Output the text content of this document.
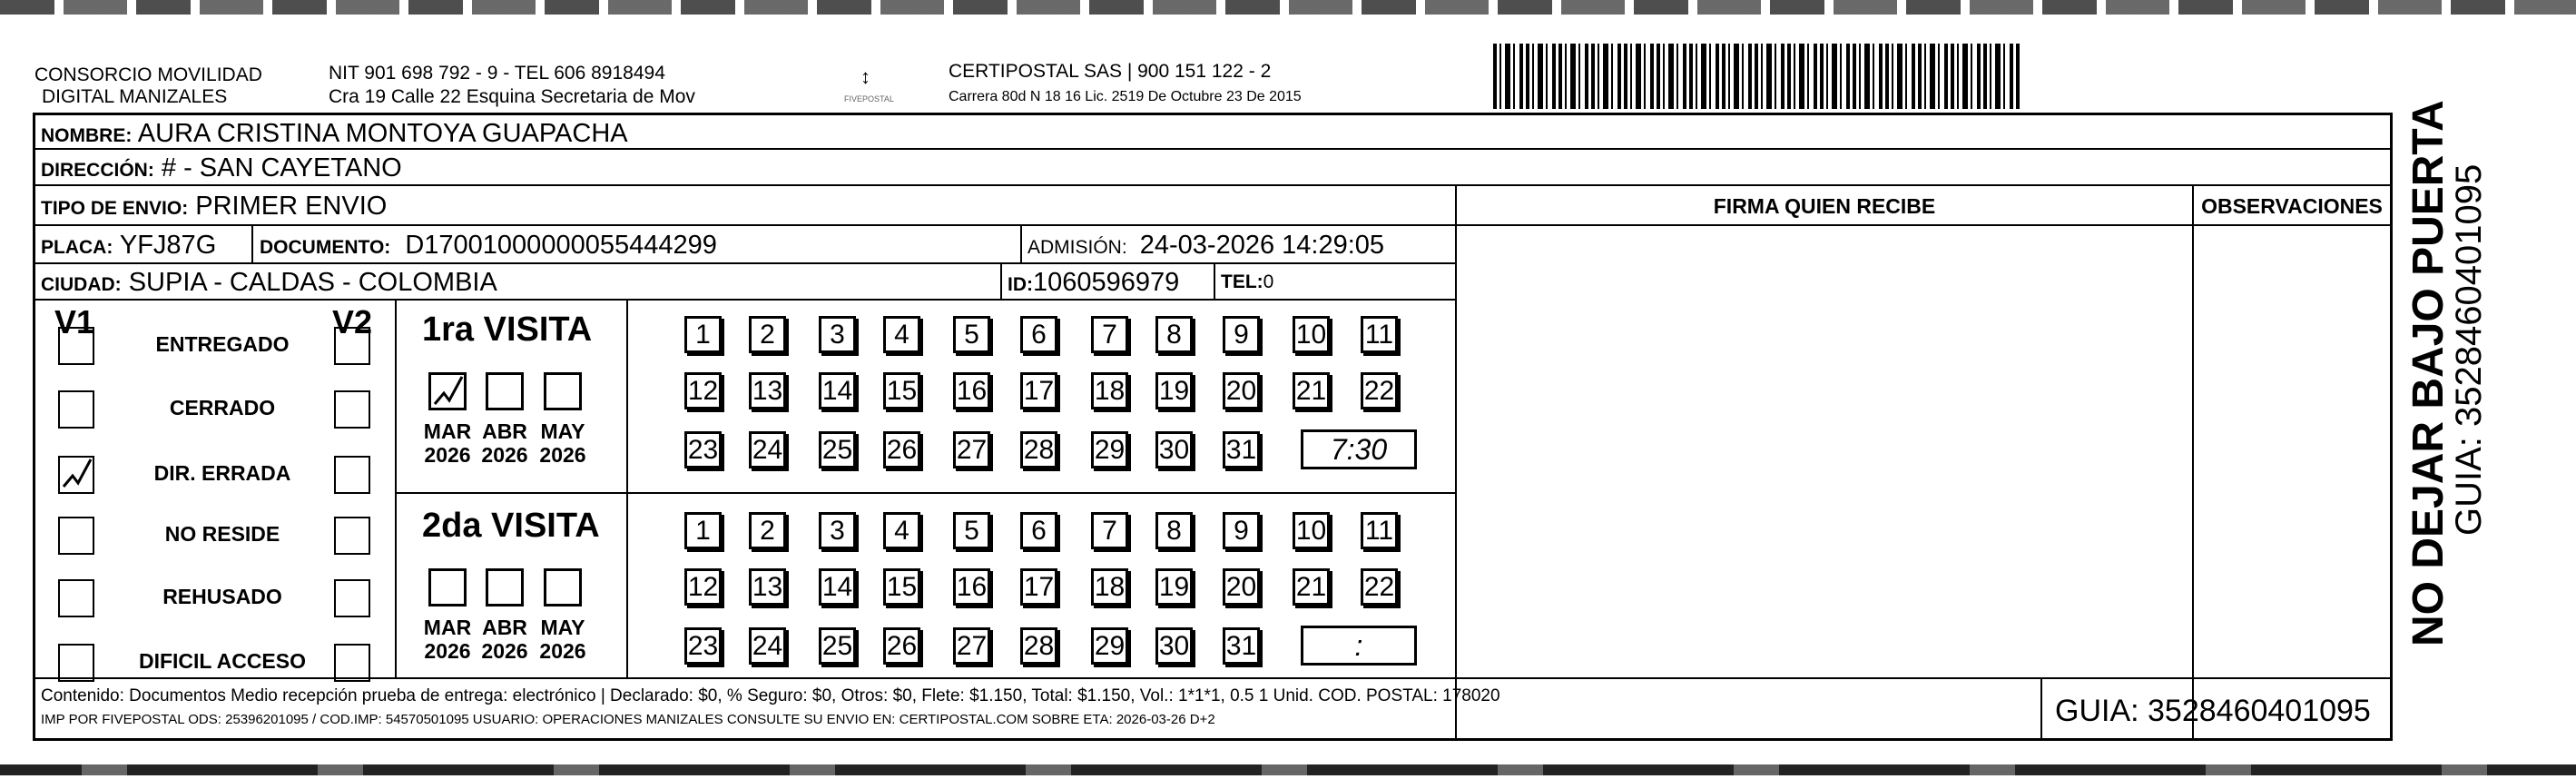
CONSORCIO MOVILIDAD
DIGITAL MANIZALES
NIT 901 698 792 - 9 - TEL 606 8918494
Cra 19 Calle 22 Esquina Secretaria de Mov
↕
FIVEPOSTAL
CERTIPOSTAL SAS | 900 151 122 - 2
Carrera 80d N 18 16 Lic. 2519 De Octubre 23 De 2015
NOMBRE: AURA CRISTINA MONTOYA GUAPACHA
DIRECCIÓN: # - SAN CAYETANO
TIPO DE ENVIO: PRIMER ENVIO	FIRMA QUIEN RECIBE	OBSERVACIONES
PLACA: YFJ87G DOCUMENTO: D17001000000055444299	ADMISIÓN: 24-03-2026 14:29:05
CIUDAD: SUPIA - CALDAS - COLOMBIA	ID:1060596979 TEL:0
V1	V2
ENTREGADO
CERRADO
DIR. ERRADA
NO RESIDE
REHUSADO
DIFICIL ACCESO
1ra VISITA
MAR
2026
ABR
2026
MAY
2026
1	2	3	4	5	6	7	8	9	10 11
12 13 14 15 16 17 18 19 20 21 22
23 24 25 26 27 28 29 30 31	7:30
2da VISITA
MAR
2026
ABR
2026
MAY
2026
1	2	3	4	5	6	7	8	9	10 11
12 13 14 15 16 17 18 19 20 21 22
23 24 25 26 27 28 29 30 31	:
Contenido: Documentos Medio recepción prueba de entrega: electrónico | Declarado: $0, % Seguro: $0, Otros: $0, Flete: $1.150, Total: $1.150, Vol.: 1*1*1, 0.5 1 Unid. COD. POSTAL: 178020
IMP POR FIVEPOSTAL ODS: 25396201095 / COD.IMP: 54570501095 USUARIO: OPERACIONES MANIZALES CONSULTE SU ENVIO EN: CERTIPOSTAL.COM SOBRE ETA: 2026-03-26 D+2	GUIA: 3528460401095
NO DEJAR BAJO PUERTA
GUIA: 3528460401095
